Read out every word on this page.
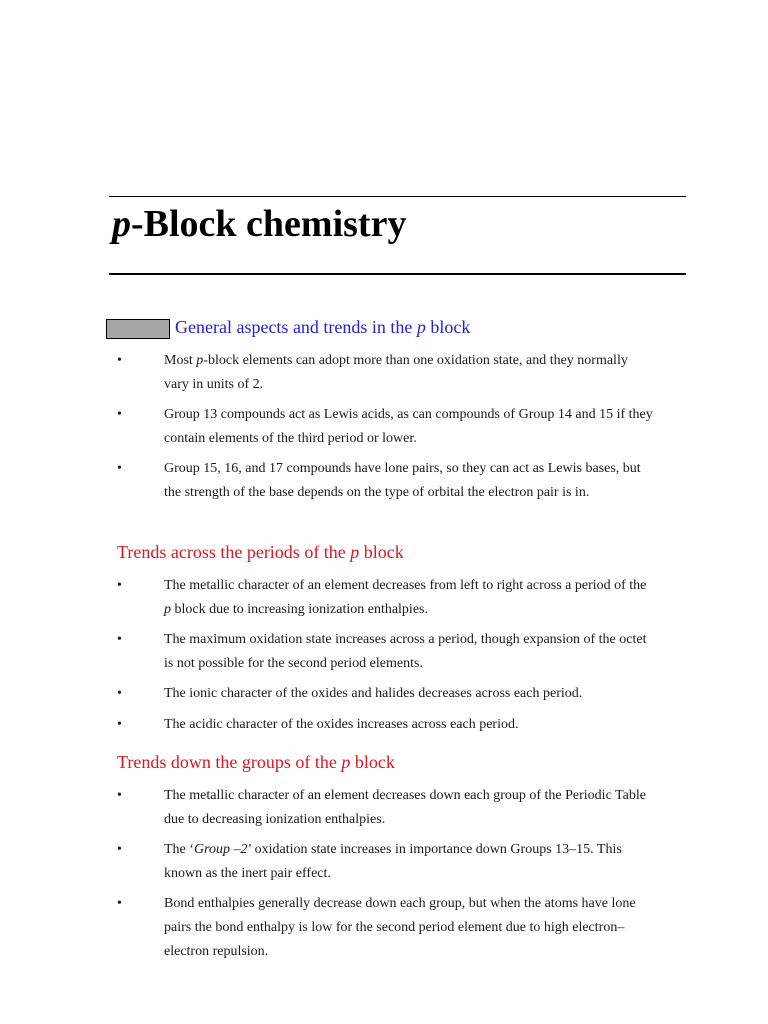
p-Block chemistry
General aspects and trends in the p block
•	Most p-block elements can adopt more than one oxidation state, and they normally vary in units of 2.
•	Group 13 compounds act as Lewis acids, as can compounds of Group 14 and 15 if they contain elements of the third period or lower.
•	Group 15, 16, and 17 compounds have lone pairs, so they can act as Lewis bases, but the strength of the base depends on the type of orbital the electron pair is in.
Trends across the periods of the p block
•	The metallic character of an element decreases from left to right across a period of the p block due to increasing ionization enthalpies.
•	The maximum oxidation state increases across a period, though expansion of the octet is not possible for the second period elements.
•	The ionic character of the oxides and halides decreases across each period.
•	The acidic character of the oxides increases across each period.
Trends down the groups of the p block
•	The metallic character of an element decreases down each group of the Periodic Table due to decreasing ionization enthalpies.
•	The ‘Group –2’ oxidation state increases in importance down Groups 13–15. This known as the inert pair effect.
•	Bond enthalpies generally decrease down each group, but when the atoms have lone pairs the bond enthalpy is low for the second period element due to high electron–electron repulsion.
